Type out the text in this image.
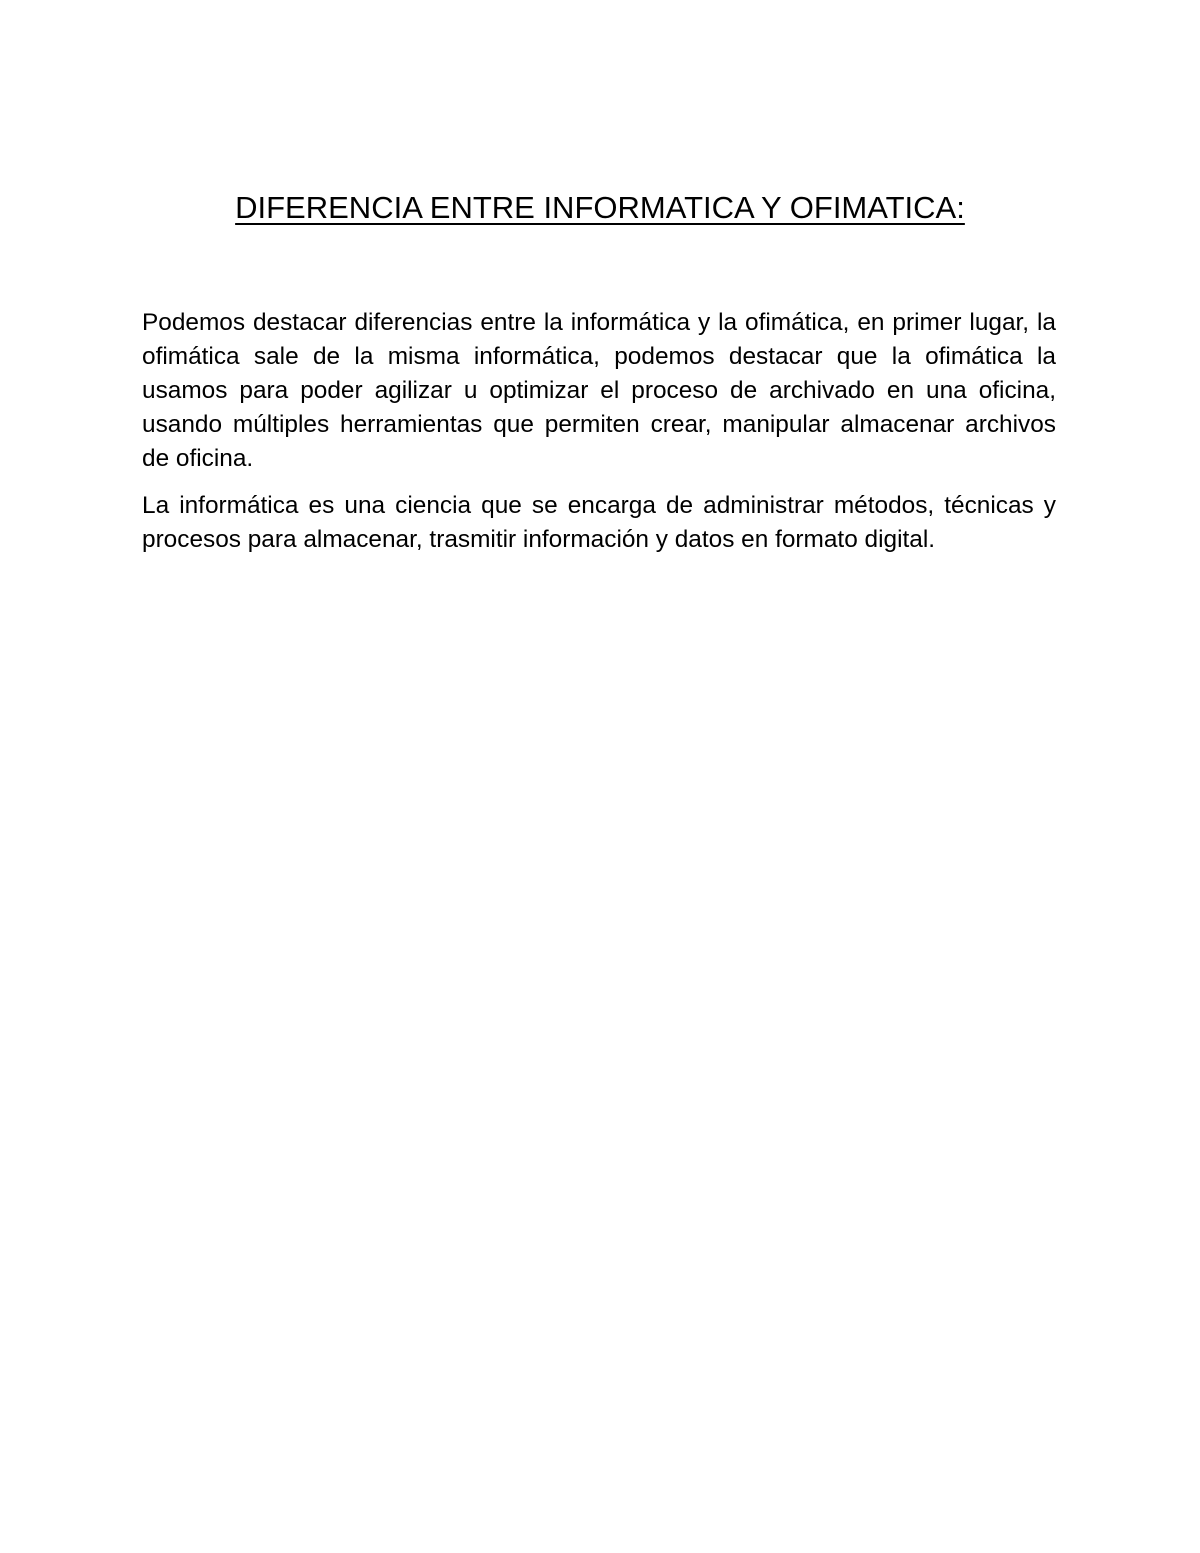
DIFERENCIA ENTRE INFORMATICA Y OFIMATICA:

Podemos destacar diferencias entre la informática y la ofimática, en primer lugar, la ofimática sale de la misma informática, podemos destacar que la ofimática la usamos para poder agilizar u optimizar el proceso de archivado en una oficina, usando múltiples herramientas que permiten crear, manipular almacenar archivos de oficina.

La informática es una ciencia que se encarga de administrar métodos, técnicas y procesos para almacenar, trasmitir información y datos en formato digital.
